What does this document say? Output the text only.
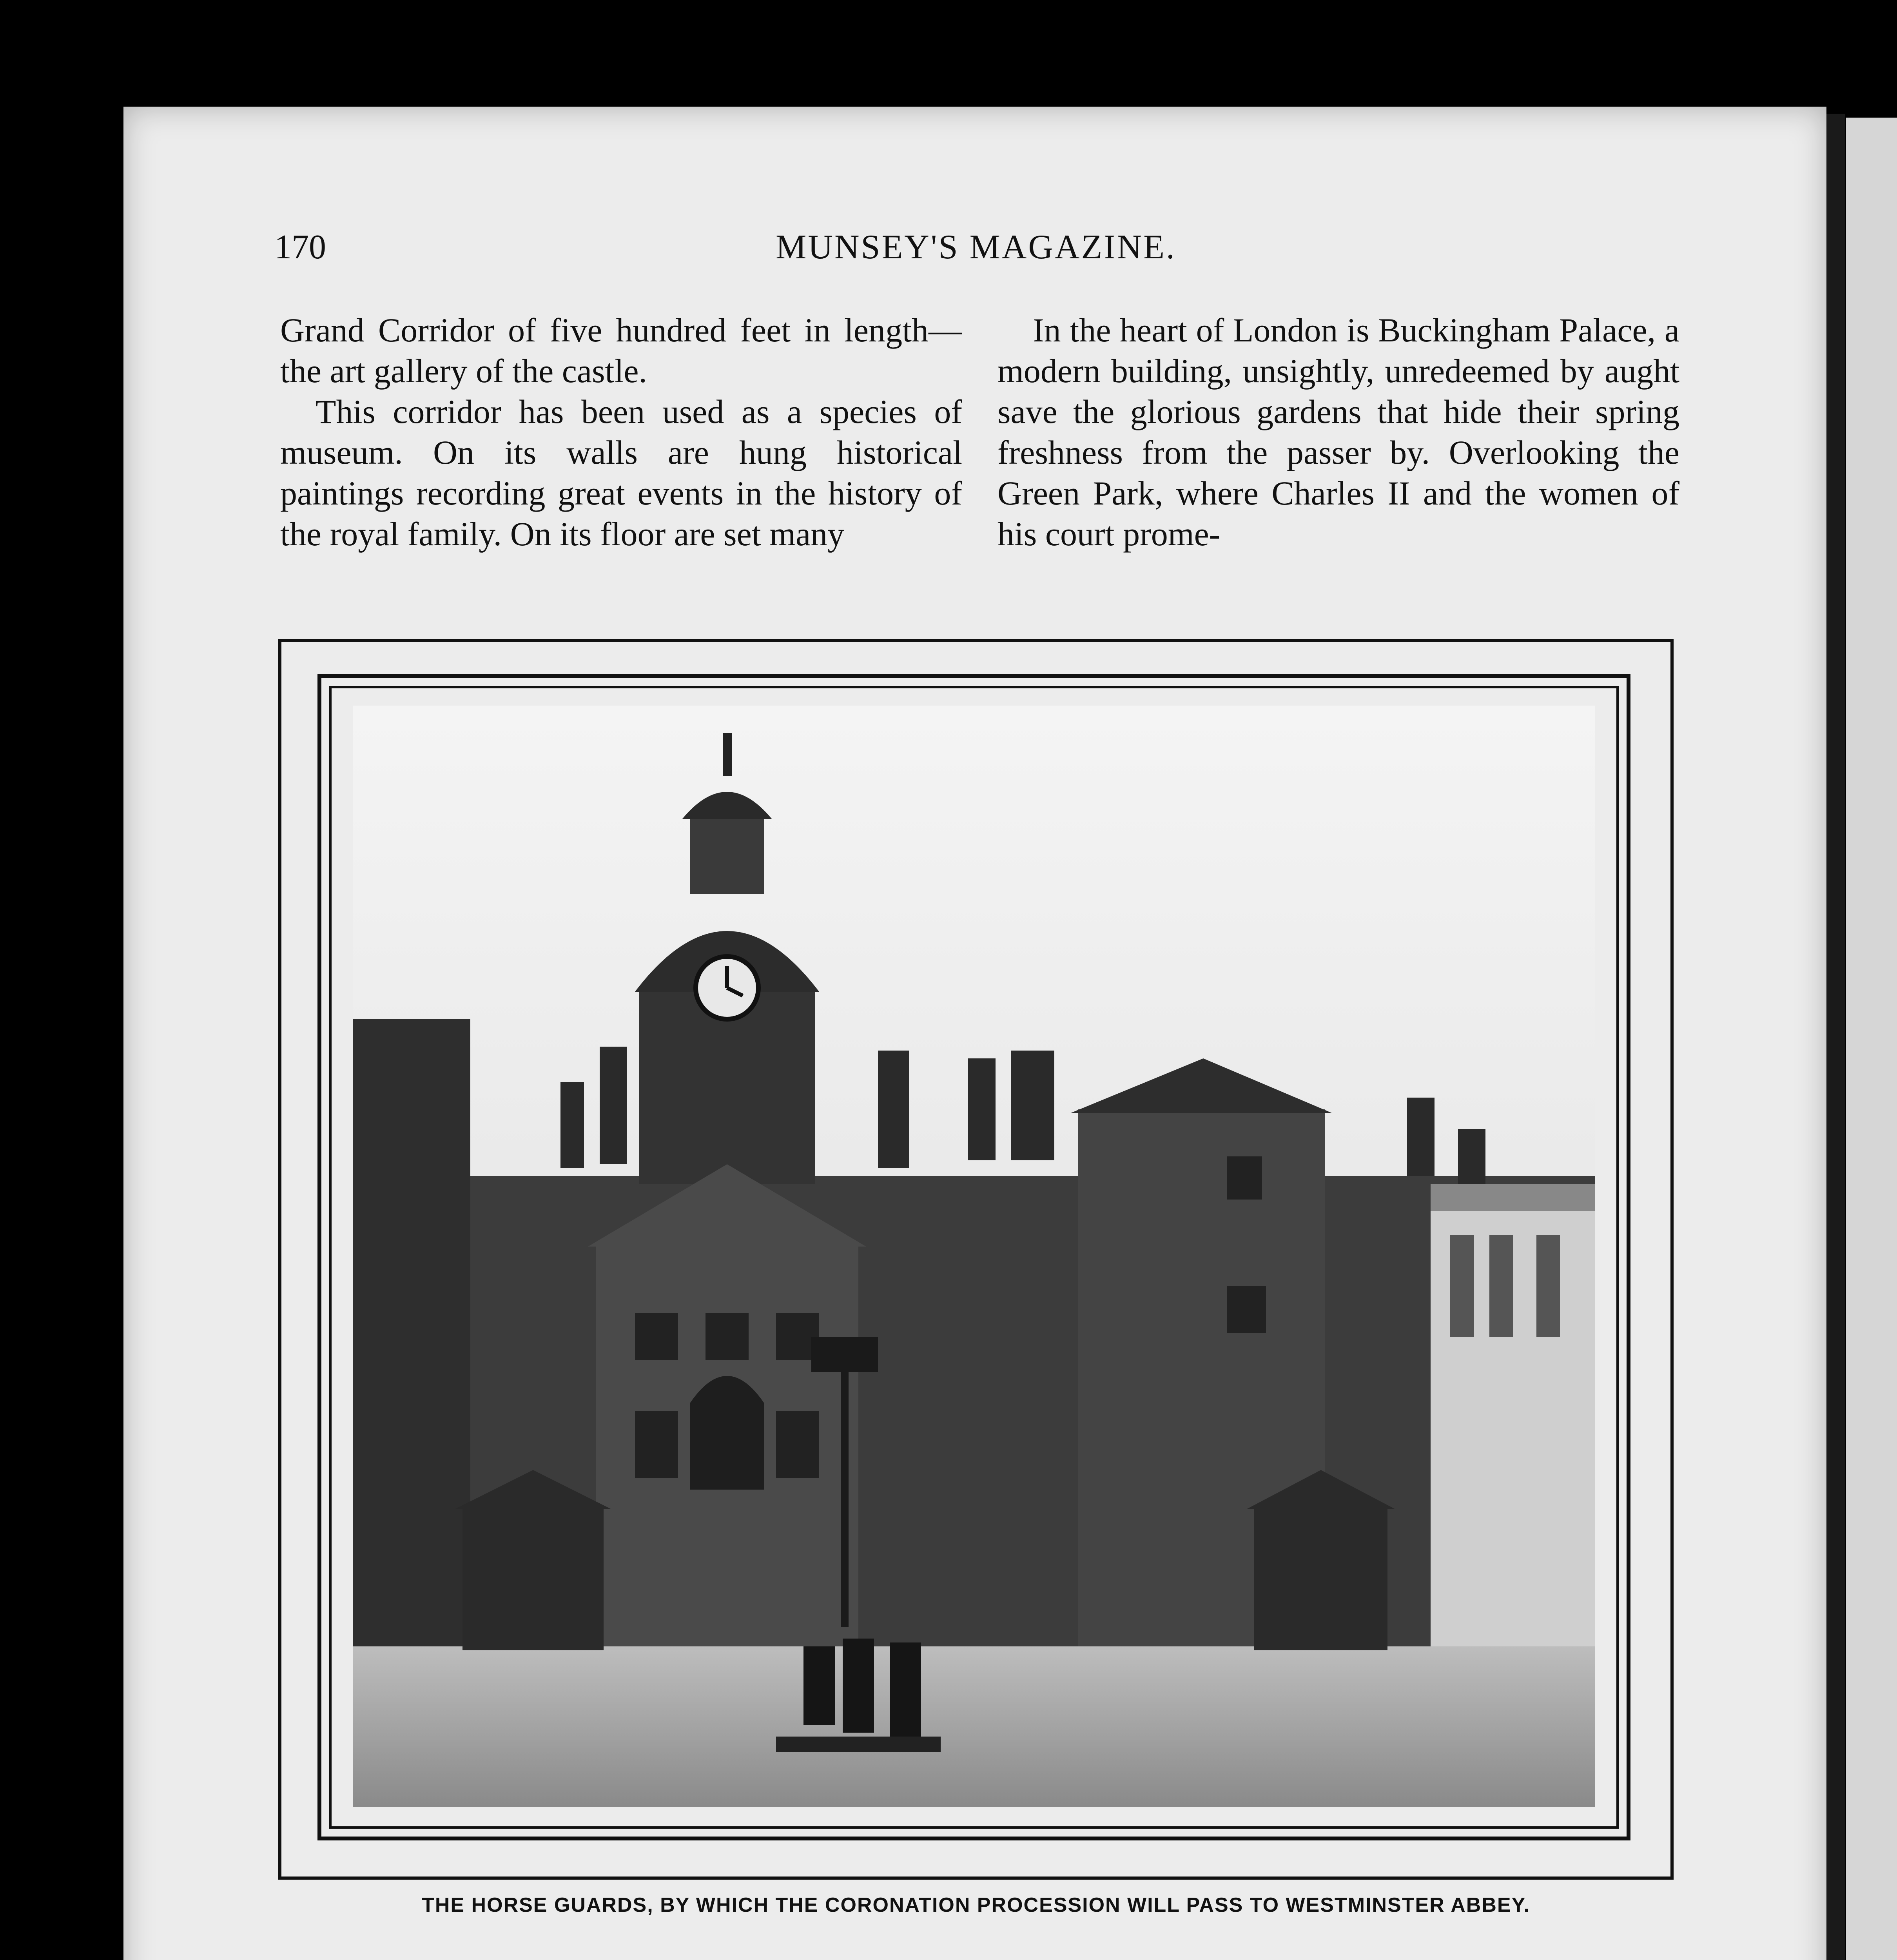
170	MUNSEY'S MAGAZINE.

Grand Corridor of five hundred feet in length—the art gallery of the castle.

This corridor has been used as a species of museum. On its walls are hung historical paintings recording great events in the history of the royal family. On its floor are set many

In the heart of London is Buckingham Palace, a modern building, unsightly, unredeemed by aught save the glorious gardens that hide their spring freshness from the passer by. Overlooking the Green Park, where Charles II and the women of his court prome-

THE HORSE GUARDS, BY WHICH THE CORONATION PROCESSION WILL PASS TO WESTMINSTER ABBEY.
